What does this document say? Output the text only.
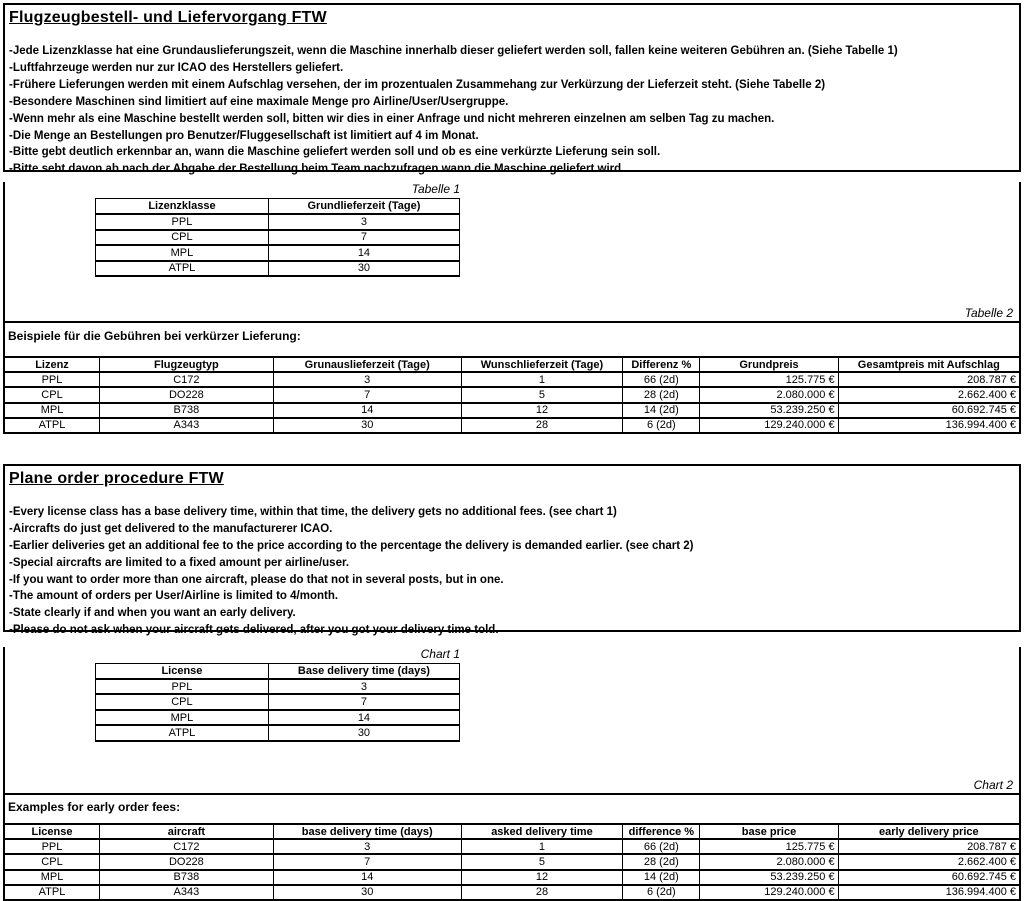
Flugzeugbestell- und Liefervorgang FTW
-Jede Lizenzklasse hat eine Grundauslieferungszeit, wenn die Maschine innerhalb dieser geliefert werden soll, fallen keine weiteren Gebühren an. (Siehe Tabelle 1)
-Luftfahrzeuge werden nur zur ICAO des Herstellers geliefert.
-Frühere Lieferungen werden mit einem Aufschlag versehen, der im prozentualen Zusammehang zur Verkürzung der Lieferzeit steht. (Siehe Tabelle 2)
-Besondere Maschinen sind limitiert auf eine maximale Menge pro Airline/User/Usergruppe.
-Wenn mehr als eine Maschine bestellt werden soll, bitten wir dies in einer Anfrage und nicht mehreren einzelnen am selben Tag zu machen.
-Die Menge an Bestellungen pro Benutzer/Fluggesellschaft ist limitiert auf 4 im Monat.
-Bitte gebt deutlich erkennbar an, wann die Maschine geliefert werden soll und ob es eine verkürzte Lieferung sein soll.
-Bitte seht davon ab nach der Abgabe der Bestellung beim Team nachzufragen wann die Maschine geliefert wird.
Tabelle 1
Lizenzklasse	Grundlieferzeit (Tage)
PPL	3
CPL	7
MPL	14
ATPL	30
Tabelle 2
Beispiele für die Gebühren bei verkürzer Lieferung:
Lizenz	Flugzeugtyp	Grunauslieferzeit (Tage)	Wunschlieferzeit (Tage)	Differenz %	Grundpreis	Gesamtpreis mit Aufschlag
PPL	C172	3	1	66 (2d)	125.775 €	208.787 €
CPL	DO228	7	5	28 (2d)	2.080.000 €	2.662.400 €
MPL	B738	14	12	14 (2d)	53.239.250 €	60.692.745 €
ATPL	A343	30	28	6 (2d)	129.240.000 €	136.994.400 €
Plane order procedure FTW
-Every license class has a base delivery time, within that time, the delivery gets no additional fees. (see chart 1)
-Aircrafts do just get delivered to the manufacturerer ICAO.
-Earlier deliveries get an additional fee to the price according to the percentage the delivery is demanded earlier. (see chart 2)
-Special aircrafts are limited to a fixed amount per airline/user.
-If you want to order more than one aircraft, please do that not in several posts, but in one.
-The amount of orders per User/Airline is limited to 4/month.
-State clearly if and when you want an early delivery.
-Please do not ask when your aircraft gets delivered, after you got your delivery time told.
Chart 1
License	Base delivery time (days)
PPL	3
CPL	7
MPL	14
ATPL	30
Chart 2
Examples for early order fees:
License	aircraft	base delivery time (days)	asked delivery time	difference %	base price	early delivery price
PPL	C172	3	1	66 (2d)	125.775 €	208.787 €
CPL	DO228	7	5	28 (2d)	2.080.000 €	2.662.400 €
MPL	B738	14	12	14 (2d)	53.239.250 €	60.692.745 €
ATPL	A343	30	28	6 (2d)	129.240.000 €	136.994.400 €
